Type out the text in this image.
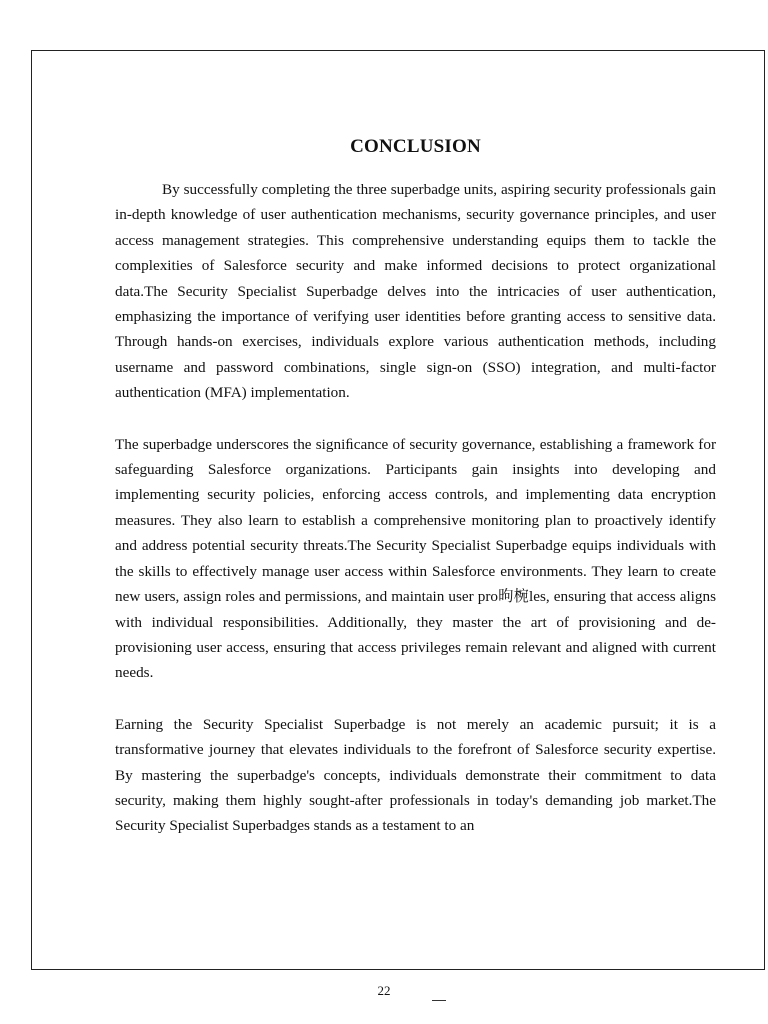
CONCLUSION

By successfully completing the three superbadge units, aspiring security professionals gain in-depth knowledge of user authentication mechanisms, security governance principles, and user access management strategies. This comprehensive understanding equips them to tackle the complexities of Salesforce security and make informed decisions to protect organizational data.The Security Specialist Superbadge delves into the intricacies of user authentication, emphasizing the importance of verifying user identities before granting access to sensitive data. Through hands-on exercises, individuals explore various authentication methods, including username and password combinations, single sign-on (SSO) integration, and multi-factor authentication (MFA) implementation.

The superbadge underscores the signiﬁcance of security governance, establishing a framework for safeguarding Salesforce organizations. Participants gain insights into developing and implementing security policies, enforcing access controls, and implementing data encryption measures. They also learn to establish a comprehensive monitoring plan to proactively identify and address potential security threats.The Security Specialist Superbadge equips individuals with the skills to effectively manage user access within Salesforce environments. They learn to create new users, assign roles and permissions, and maintain user pro昫椀les, ensuring that access aligns with individual responsibilities. Additionally, they master the art of provisioning and de-provisioning user access, ensuring that access privileges remain relevant and aligned with current needs.

Earning the Security Specialist Superbadge is not merely an academic pursuit; it is a transformative journey that elevates individuals to the forefront of Salesforce security expertise. By mastering the superbadge's concepts, individuals demonstrate their commitment to data security, making them highly sought-after professionals in today's demanding job market.The Security Specialist Superbadges stands as a testament to an

22
